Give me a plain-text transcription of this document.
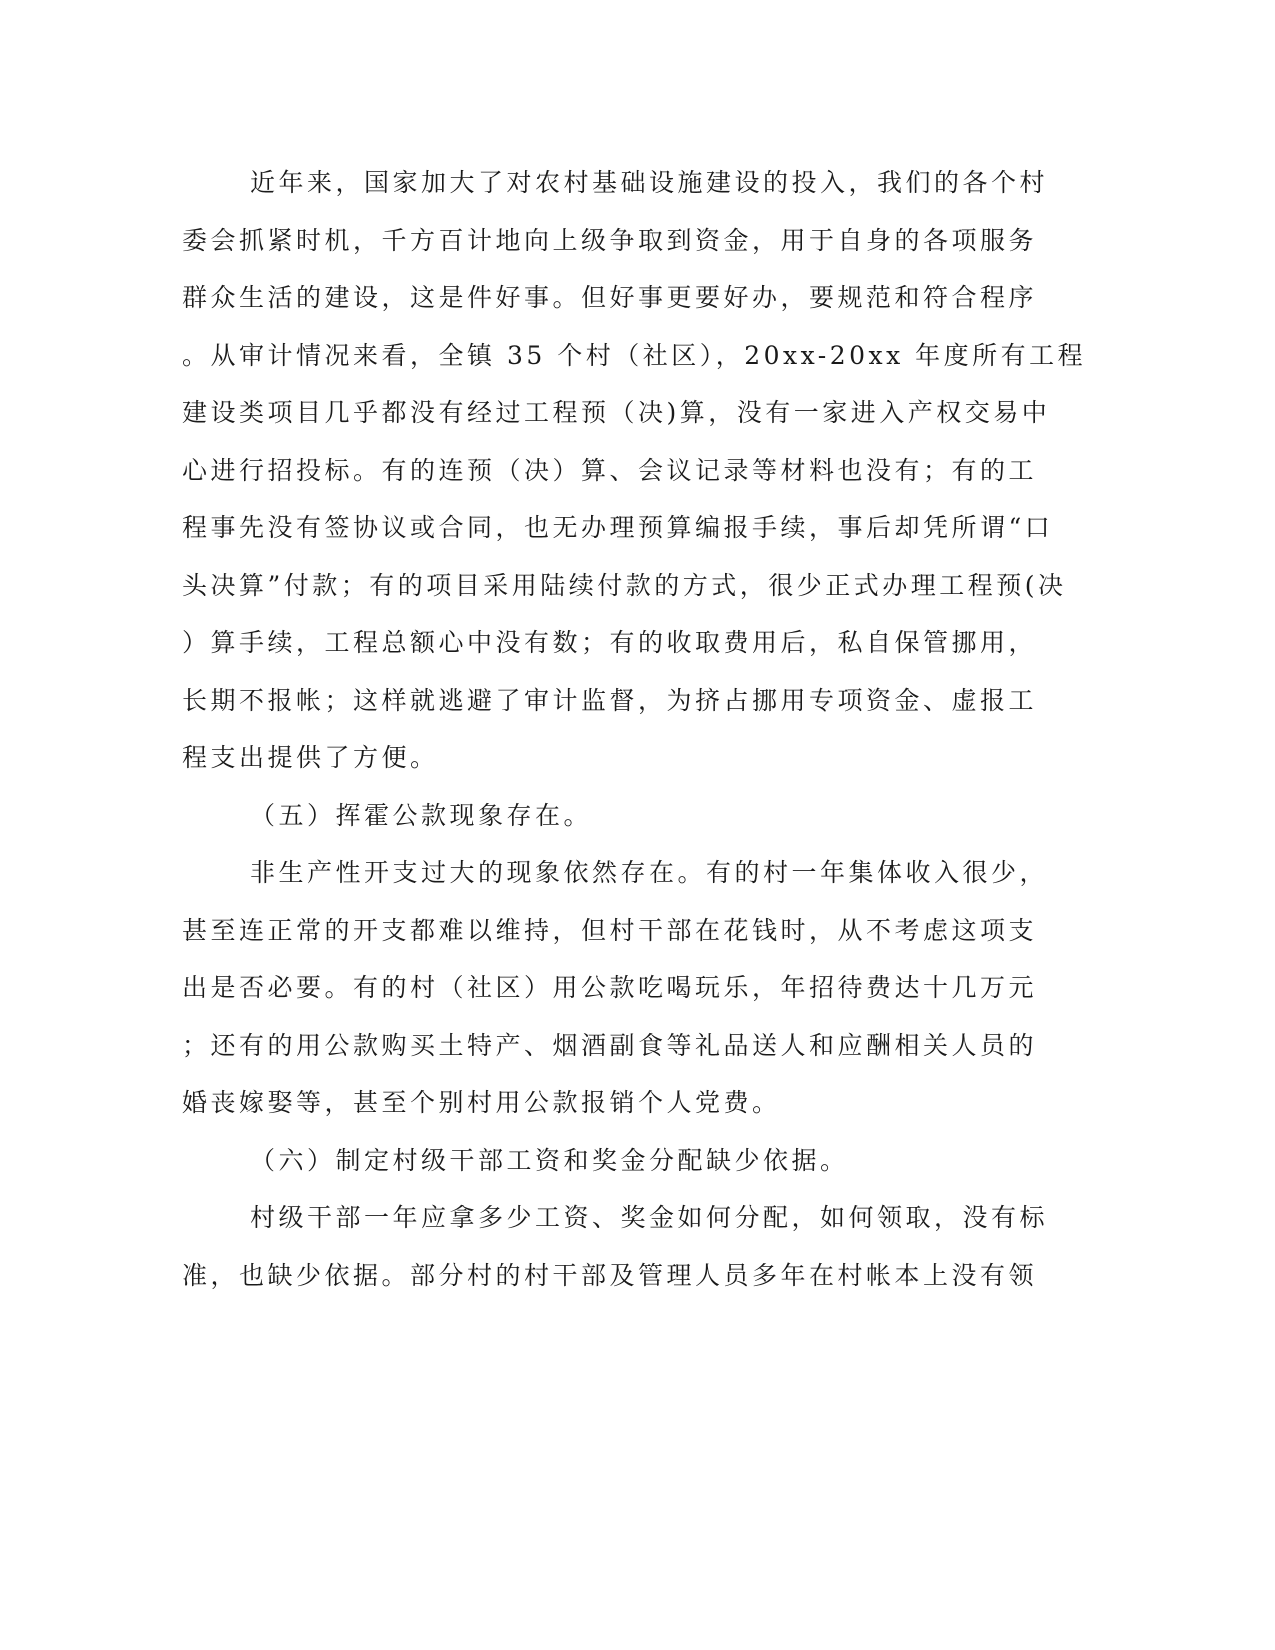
近年来，国家加大了对农村基础设施建设的投入，我们的各个村

委会抓紧时机，千方百计地向上级争取到资金，用于自身的各项服务

群众生活的建设，这是件好事。但好事更要好办，要规范和符合程序

。从审计情况来看，全镇 35 个村（社区），20xx-20xx 年度所有工程

建设类项目几乎都没有经过工程预（决)算，没有一家进入产权交易中

心进行招投标。有的连预（决）算、会议记录等材料也没有；有的工

程事先没有签协议或合同，也无办理预算编报手续，事后却凭所谓“口

头决算”付款；有的项目采用陆续付款的方式，很少正式办理工程预(决

）算手续，工程总额心中没有数；有的收取费用后，私自保管挪用，

长期不报帐；这样就逃避了审计监督，为挤占挪用专项资金、虚报工

程支出提供了方便。

（五）挥霍公款现象存在。

非生产性开支过大的现象依然存在。有的村一年集体收入很少，

甚至连正常的开支都难以维持，但村干部在花钱时，从不考虑这项支

出是否必要。有的村（社区）用公款吃喝玩乐，年招待费达十几万元

；还有的用公款购买土特产、烟酒副食等礼品送人和应酬相关人员的

婚丧嫁娶等，甚至个别村用公款报销个人党费。

（六）制定村级干部工资和奖金分配缺少依据。

村级干部一年应拿多少工资、奖金如何分配，如何领取，没有标

准，也缺少依据。部分村的村干部及管理人员多年在村帐本上没有领
